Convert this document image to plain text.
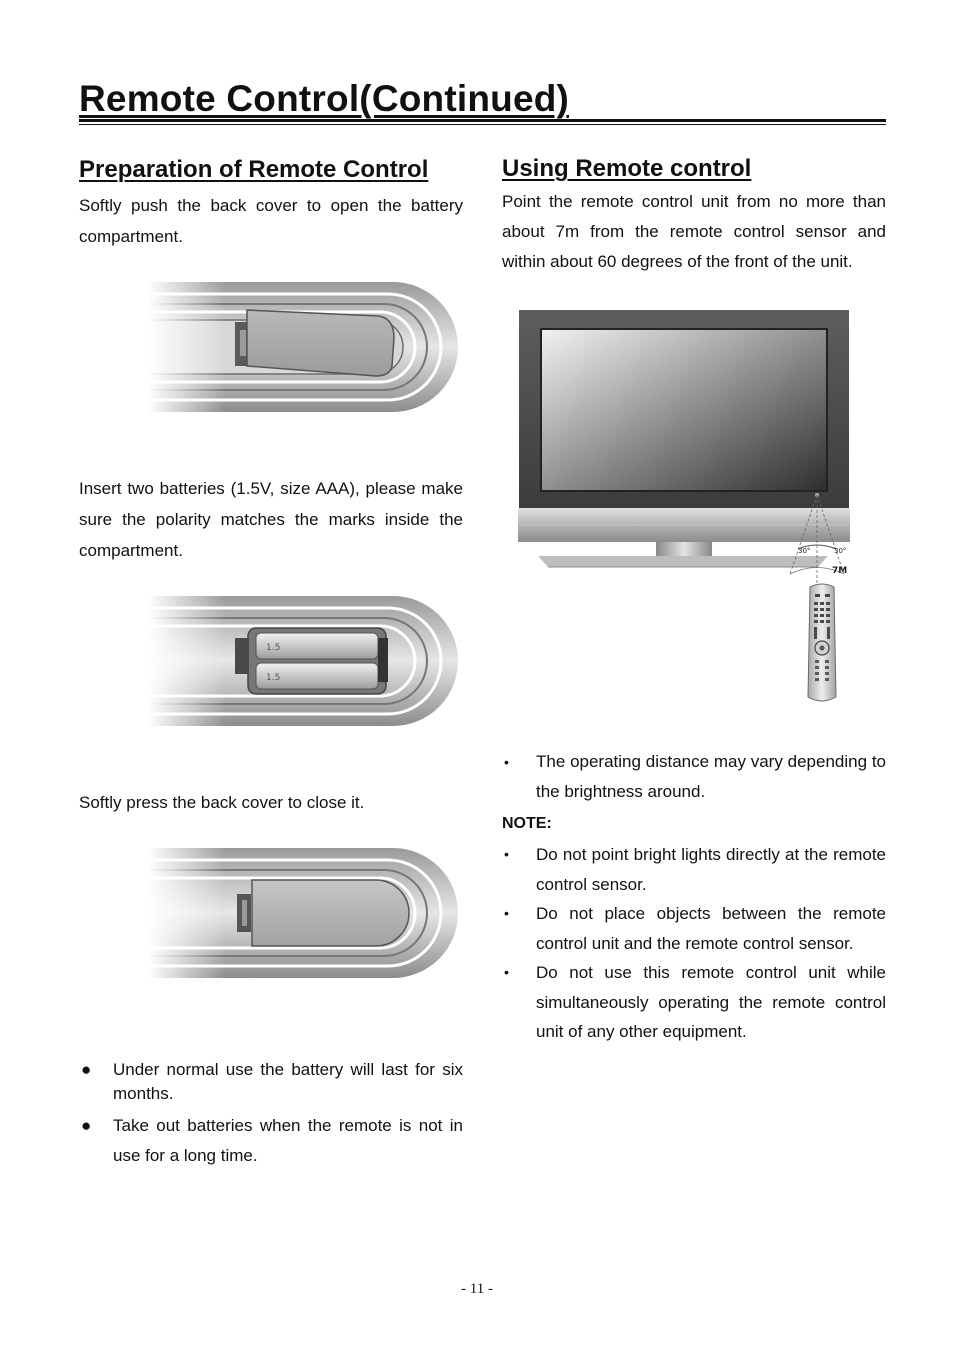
Remote Control(Continued)
Preparation of Remote Control
Softly push the back cover to open the battery compartment.
Insert two batteries (1.5V, size AAA), please make sure the polarity matches the marks inside the compartment.
Softly press the back cover to close it.
● Under normal use the battery will last for six months.
● Take out batteries when the remote is not in use for a long time.
Using Remote control
Point the remote control unit from no more than about 7m from the remote control sensor and within about 60 degrees of the front of the unit.
30°	30°
7M
• The operating distance may vary depending to the brightness around.
NOTE:
• Do not point bright lights directly at the remote control sensor.
• Do not place objects between the remote control unit and the remote control sensor.
• Do not use this remote control unit while simultaneously operating the remote control unit of any other equipment.
- 11 -
